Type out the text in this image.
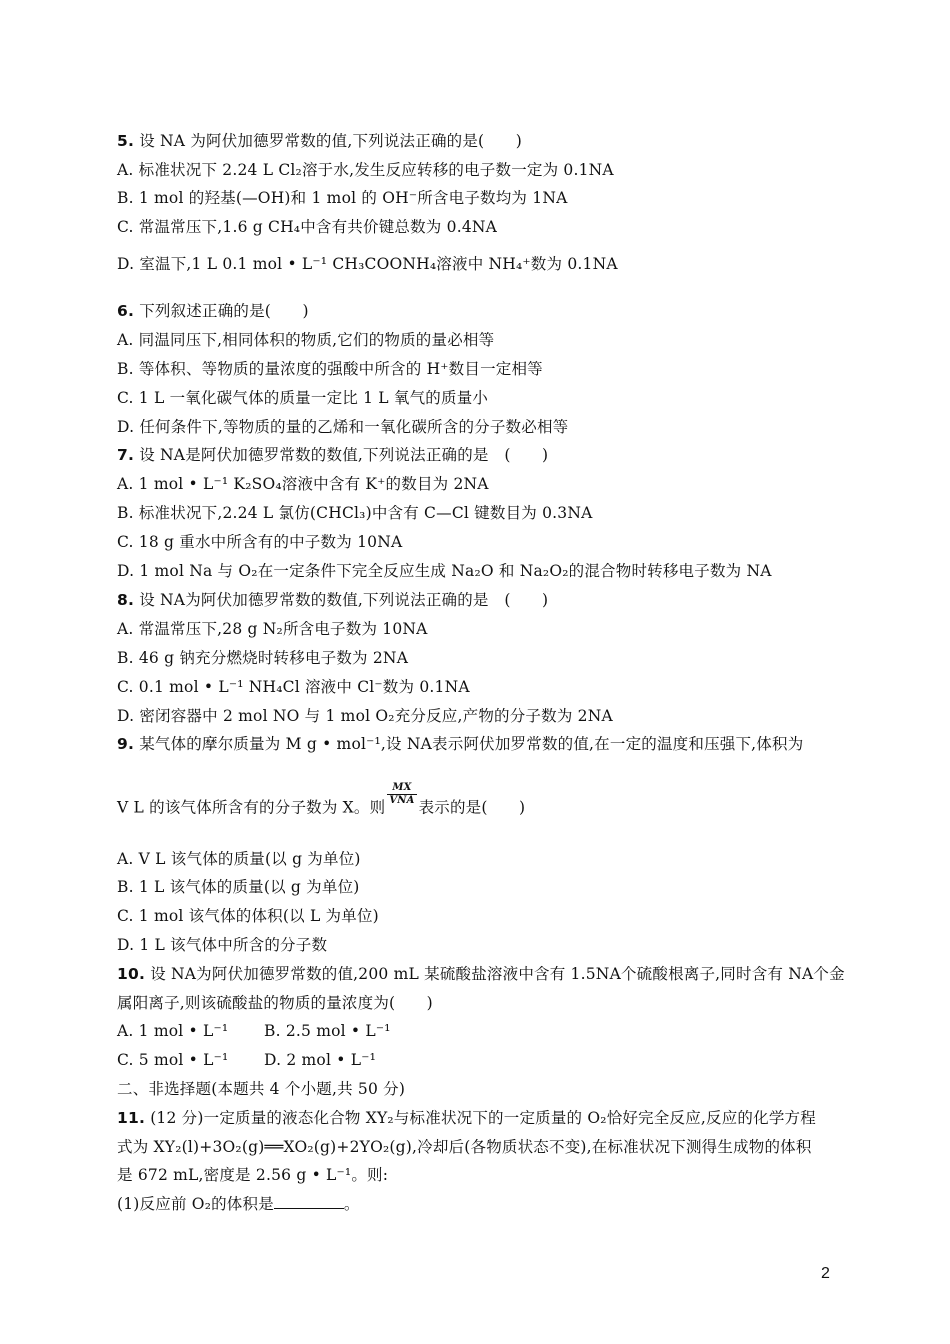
5. 设 NA 为阿伏加德罗常数的值,下列说法正确的是(　　)
A. 标准状况下 2.24 L Cl₂溶于水,发生反应转移的电子数一定为 0.1NA
B. 1 mol 的羟基(—OH)和 1 mol 的 OH⁻所含电子数均为 1NA
C. 常温常压下,1.6 g CH₄中含有共价键总数为 0.4NA
D. 室温下,1 L 0.1 mol • L⁻¹ CH₃COONH₄溶液中 NH₄⁺数为 0.1NA
6. 下列叙述正确的是(　　)
A. 同温同压下,相同体积的物质,它们的物质的量必相等
B. 等体积、等物质的量浓度的强酸中所含的 H⁺数目一定相等
C. 1 L 一氧化碳气体的质量一定比 1 L 氧气的质量小
D. 任何条件下,等物质的量的乙烯和一氧化碳所含的分子数必相等
7. 设 NA是阿伏加德罗常数的数值,下列说法正确的是　(　　)
A. 1 mol • L⁻¹ K₂SO₄溶液中含有 K⁺的数目为 2NA
B. 标准状况下,2.24 L 氯仿(CHCl₃)中含有 C—Cl 键数目为 0.3NA
C. 18 g 重水中所含有的中子数为 10NA
D. 1 mol Na 与 O₂在一定条件下完全反应生成 Na₂O 和 Na₂O₂的混合物时转移电子数为 NA
8. 设 NA为阿伏加德罗常数的数值,下列说法正确的是　(　　)
A. 常温常压下,28 g N₂所含电子数为 10NA
B. 46 g 钠充分燃烧时转移电子数为 2NA
C. 0.1 mol • L⁻¹ NH₄Cl 溶液中 Cl⁻数为 0.1NA
D. 密闭容器中 2 mol NO 与 1 mol O₂充分反应,产物的分子数为 2NA
9. 某气体的摩尔质量为 M g • mol⁻¹,设 NA表示阿伏加罗常数的值,在一定的温度和压强下,体积为
V L 的该气体所含有的分子数为 X。则
$\frac{MX}{\text{VNA}}$
表示的是(　　)
A. V L 该气体的质量(以 g 为单位)
B. 1 L 该气体的质量(以 g 为单位)
C. 1 mol 该气体的体积(以 L 为单位)
D. 1 L 该气体中所含的分子数
10. 设 NA为阿伏加德罗常数的值,200 mL 某硫酸盐溶液中含有 1.5NA个硫酸根离子,同时含有 NA个金
属阳离子,则该硫酸盐的物质的量浓度为(　　)
A. 1 mol • L⁻¹ B. 2.5 mol • L⁻¹
C. 5 mol • L⁻¹ D. 2 mol • L⁻¹
二、非选择题(本题共 4 个小题,共 50 分)
11. (12 分)一定质量的液态化合物 XY₂与标准状况下的一定质量的 O₂恰好完全反应,反应的化学方程
式为 XY₂(l)+3O₂(g)══XO₂(g)+2YO₂(g),冷却后(各物质状态不变),在标准状况下测得生成物的体积
是 672 mL,密度是 2.56 g • L⁻¹。则:
(1)反应前 O₂的体积是	。
2
